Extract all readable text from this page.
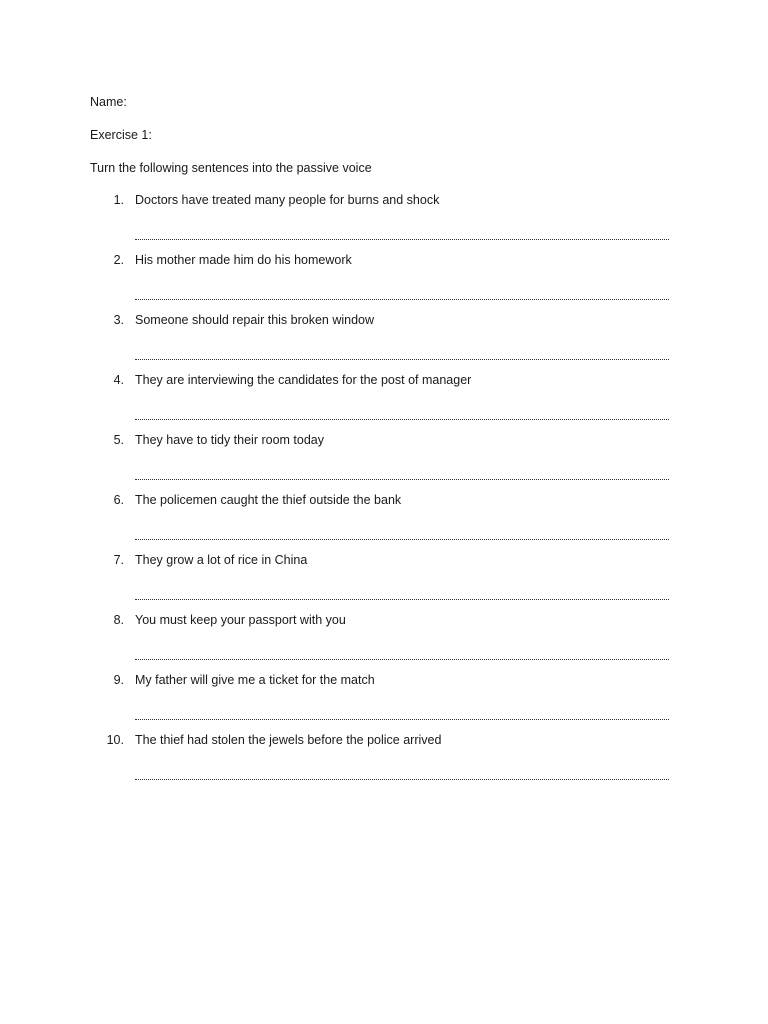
Name:
Exercise 1:
Turn the following sentences into the passive voice
1. Doctors have treated many people for burns and shock
2. His mother made him do his homework
3. Someone should repair this broken window
4. They are interviewing the candidates for the post of manager
5. They have to tidy their room today
6. The policemen caught the thief outside the bank
7. They grow a lot of rice in China
8. You must keep your passport with you
9. My father will give me a ticket for the match
10. The thief had stolen the jewels before the police arrived
